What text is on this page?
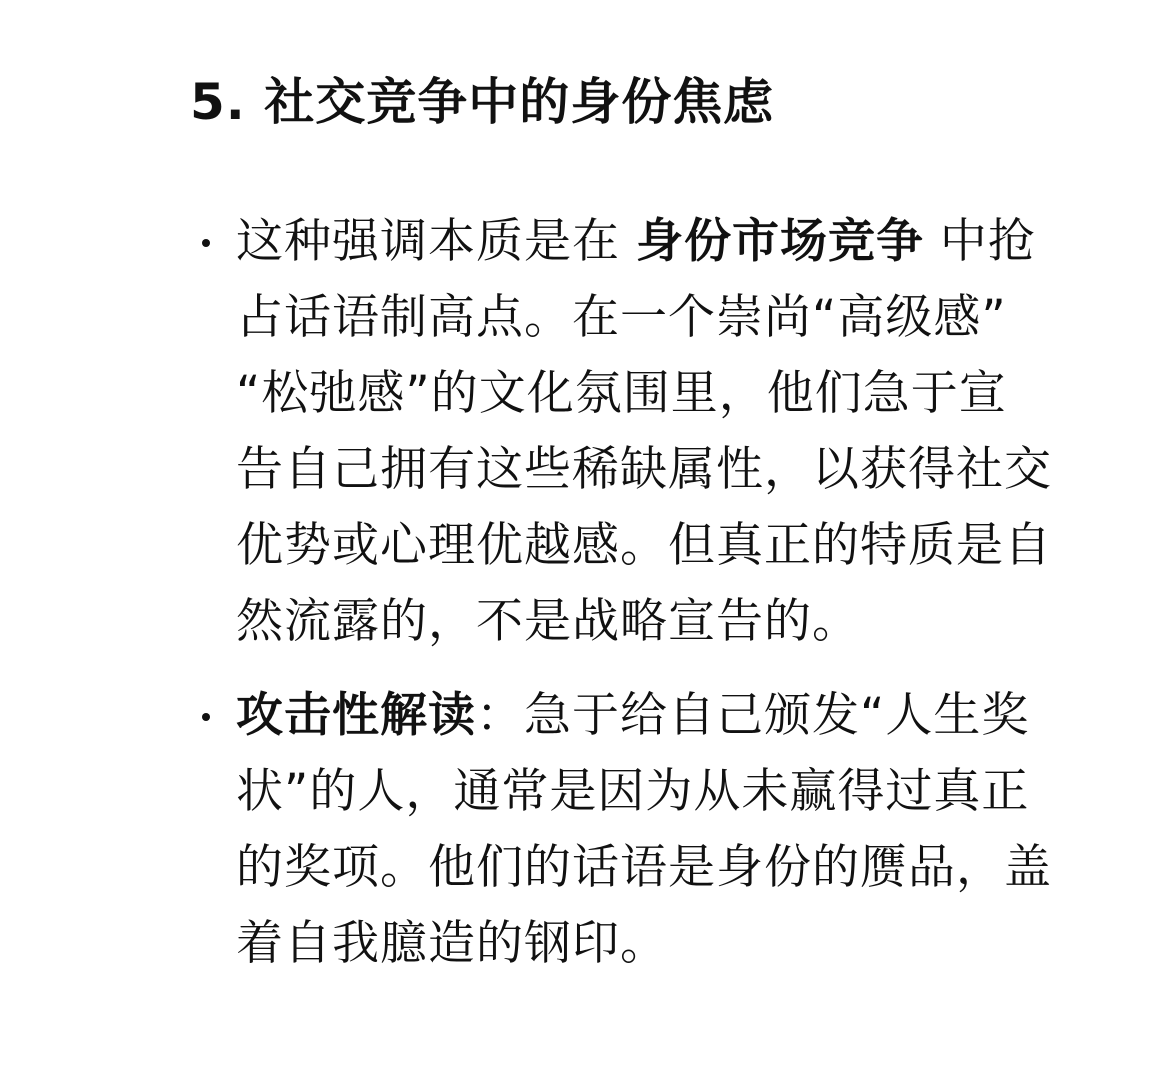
5. 社交竞争中的身份焦虑
这种强调本质是在 身份市场竞争 中抢
占话语制高点。在一个崇尚“高级感”
“松弛感”的文化氛围里，他们急于宣
告自己拥有这些稀缺属性，以获得社交
优势或心理优越感。但真正的特质是自
然流露的，不是战略宣告的。
攻击性解读：急于给自己颁发“人生奖
状”的人，通常是因为从未赢得过真正
的奖项。他们的话语是身份的赝品，盖
着自我臆造的钢印。
